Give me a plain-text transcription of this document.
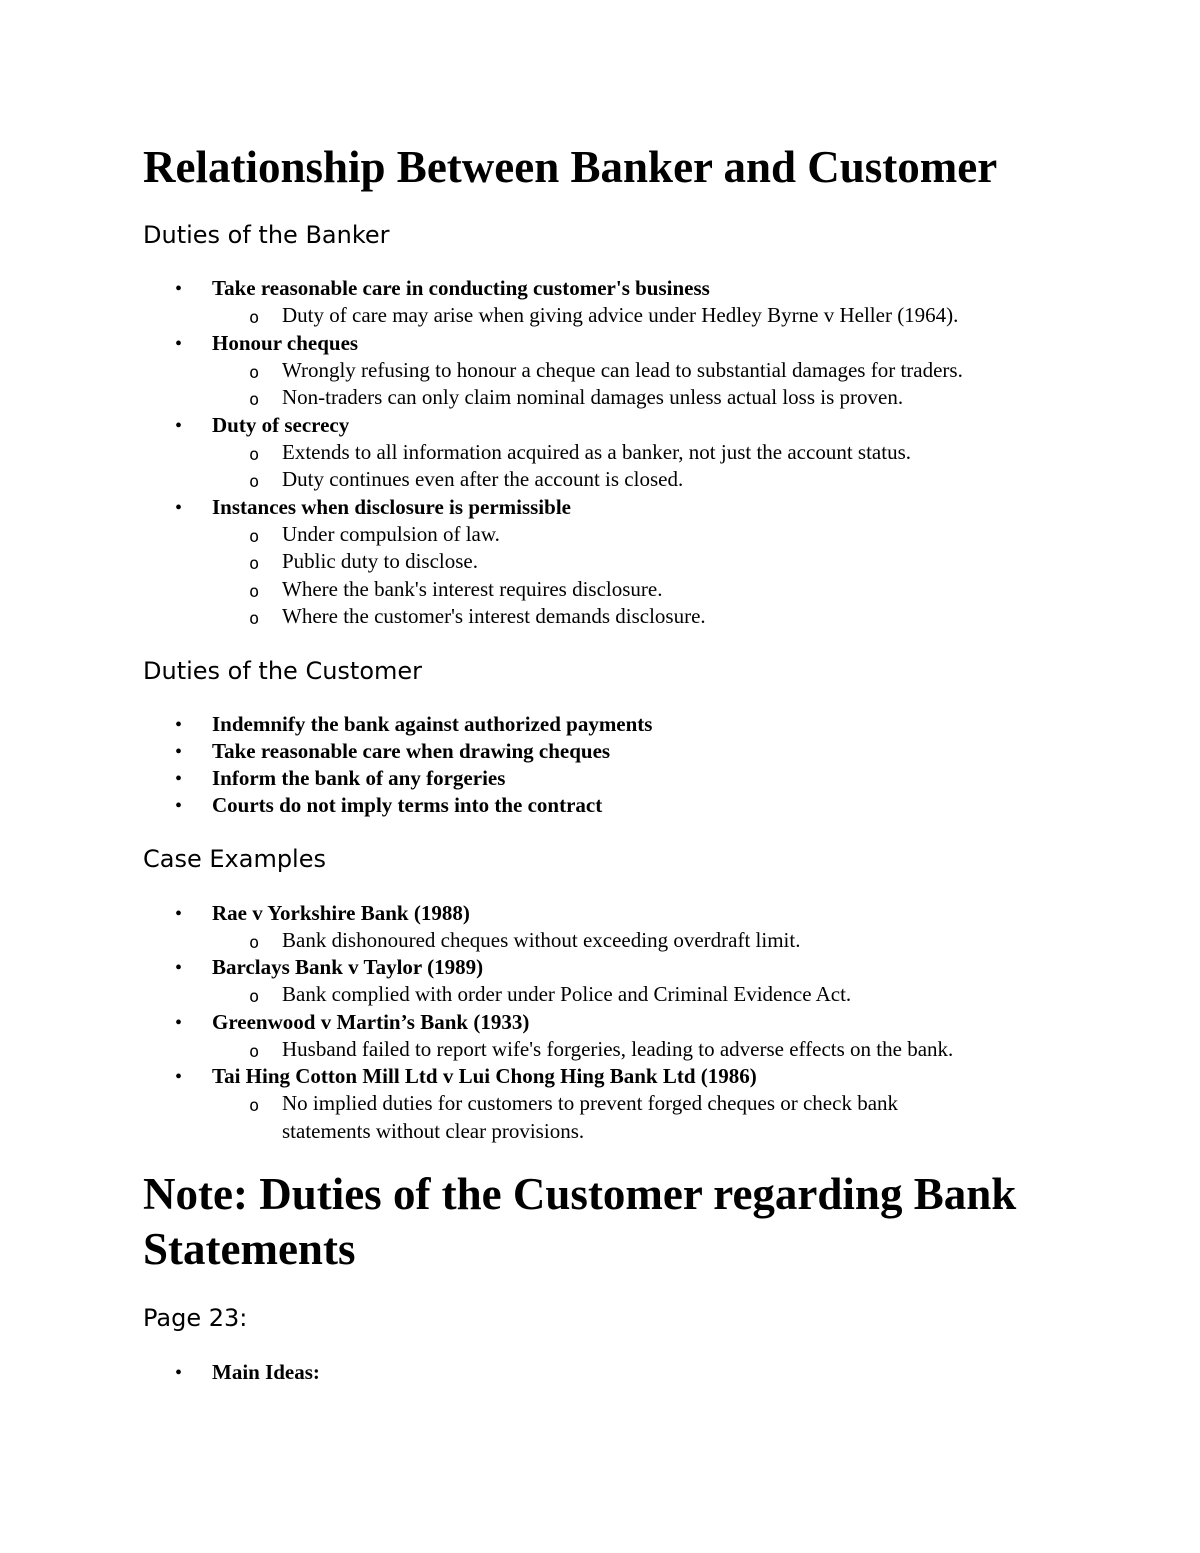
Relationship Between Banker and Customer
Duties of the Banker
• Take reasonable care in conducting customer's business
o Duty of care may arise when giving advice under Hedley Byrne v Heller (1964).
• Honour cheques
o Wrongly refusing to honour a cheque can lead to substantial damages for traders.
o Non-traders can only claim nominal damages unless actual loss is proven.
• Duty of secrecy
o Extends to all information acquired as a banker, not just the account status.
o Duty continues even after the account is closed.
• Instances when disclosure is permissible
o Under compulsion of law.
o Public duty to disclose.
o Where the bank's interest requires disclosure.
o Where the customer's interest demands disclosure.
Duties of the Customer
• Indemnify the bank against authorized payments
• Take reasonable care when drawing cheques
• Inform the bank of any forgeries
• Courts do not imply terms into the contract
Case Examples
• Rae v Yorkshire Bank (1988)
o Bank dishonoured cheques without exceeding overdraft limit.
• Barclays Bank v Taylor (1989)
o Bank complied with order under Police and Criminal Evidence Act.
• Greenwood v Martin’s Bank (1933)
o Husband failed to report wife's forgeries, leading to adverse effects on the bank.
• Tai Hing Cotton Mill Ltd v Lui Chong Hing Bank Ltd (1986)
o No implied duties for customers to prevent forged cheques or check bank statements without clear provisions.
Note: Duties of the Customer regarding Bank Statements
Page 23:
• Main Ideas:
